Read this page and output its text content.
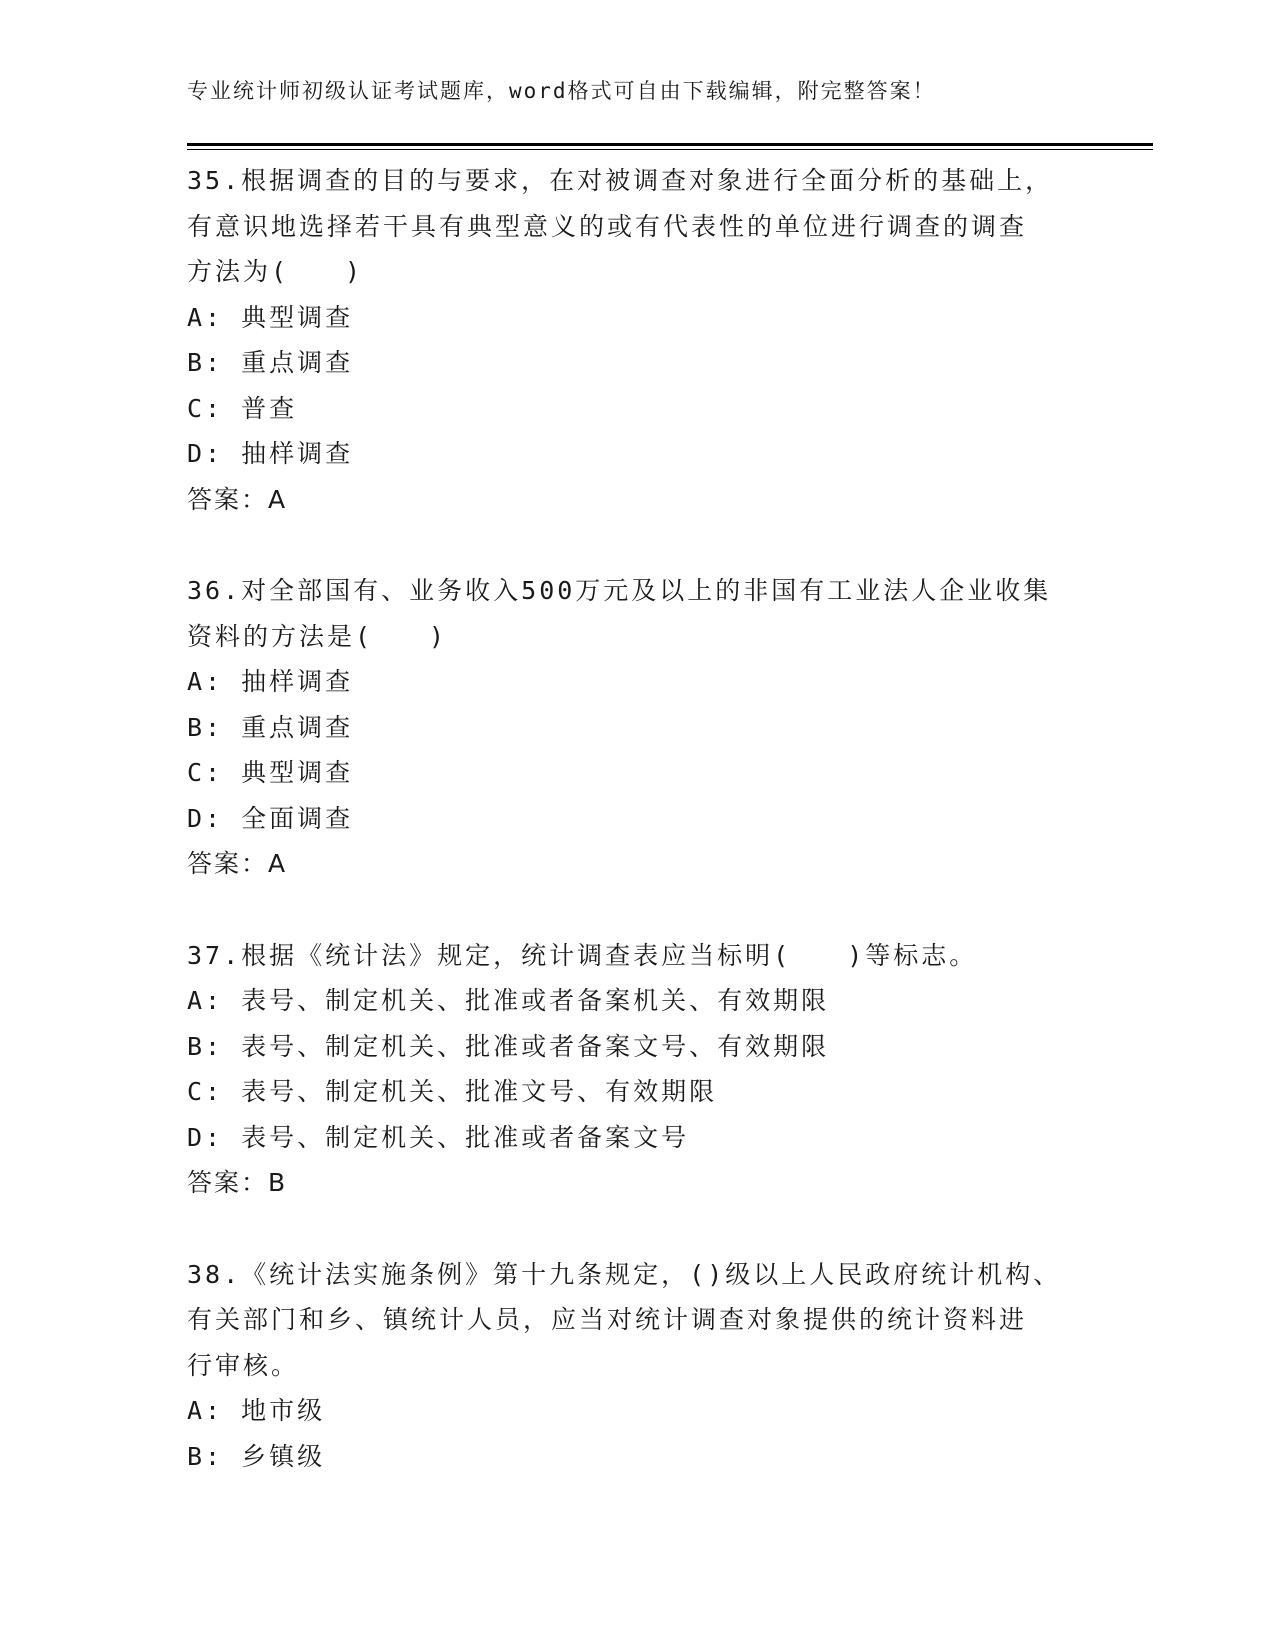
专业统计师初级认证考试题库，word格式可自由下载编辑，附完整答案！
35.根据调查的目的与要求，在对被调查对象进行全面分析的基础上，
有意识地选择若干具有典型意义的或有代表性的单位进行调查的调查
方法为(　　)
A: 典型调查
B: 重点调查
C: 普查
D: 抽样调查
答案：A
36.对全部国有、业务收入500万元及以上的非国有工业法人企业收集
资料的方法是(　　)
A: 抽样调查
B: 重点调查
C: 典型调查
D: 全面调查
答案：A
37.根据《统计法》规定，统计调查表应当标明(　　)等标志。
A: 表号、制定机关、批准或者备案机关、有效期限
B: 表号、制定机关、批准或者备案文号、有效期限
C: 表号、制定机关、批准文号、有效期限
D: 表号、制定机关、批准或者备案文号
答案：B
38.《统计法实施条例》第十九条规定，()级以上人民政府统计机构、
有关部门和乡、镇统计人员，应当对统计调查对象提供的统计资料进
行审核。
A: 地市级
B: 乡镇级
